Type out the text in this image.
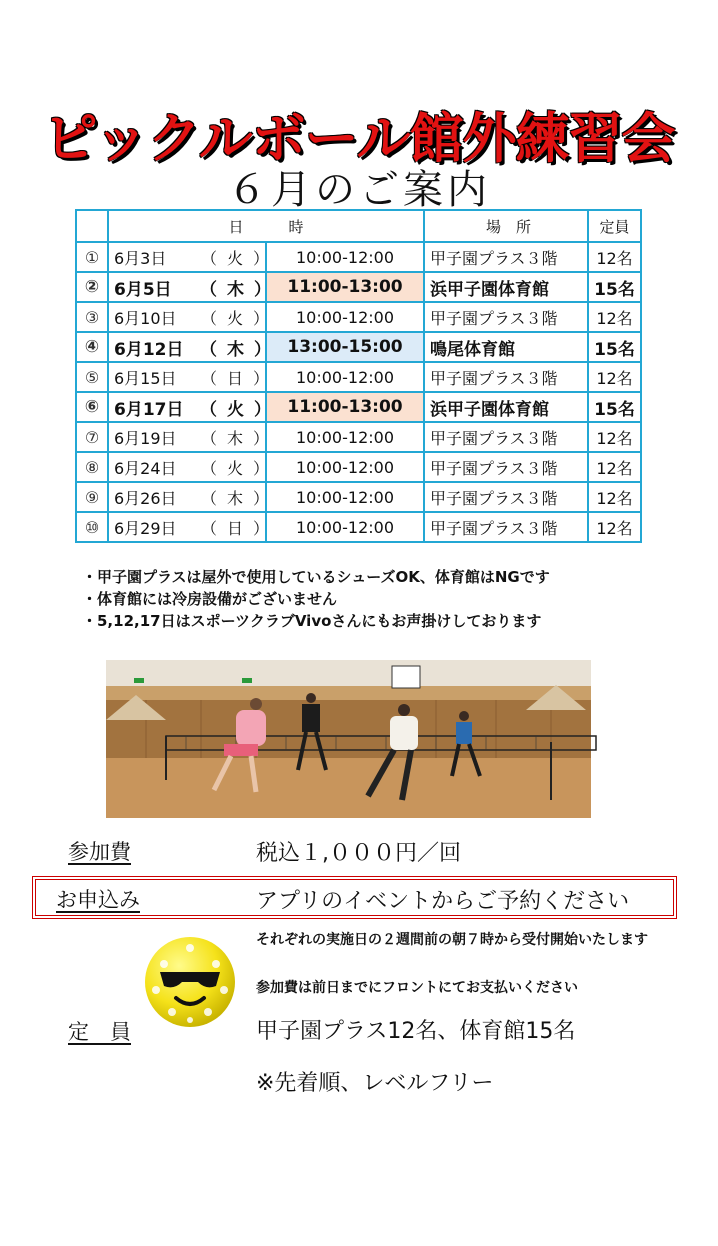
ピックルボール館外練習会
６月のご案内
	日　　　時		場　所	定員
①	6月3日 （火）	10:00-12:00	甲子園プラス３階	12名
②	6月5日 （木）	11:00-13:00	浜甲子園体育館	15名
③	6月10日 （火）	10:00-12:00	甲子園プラス３階	12名
④	6月12日 （木）	13:00-15:00	鳴尾体育館	15名
⑤	6月15日 （日）	10:00-12:00	甲子園プラス３階	12名
⑥	6月17日 （火）	11:00-13:00	浜甲子園体育館	15名
⑦	6月19日 （木）	10:00-12:00	甲子園プラス３階	12名
⑧	6月24日 （火）	10:00-12:00	甲子園プラス３階	12名
⑨	6月26日 （木）	10:00-12:00	甲子園プラス３階	12名
⑩	6月29日 （日）	10:00-12:00	甲子園プラス３階	12名
・甲子園プラスは屋外で使用しているシューズOK、体育館はNGです
・体育館には冷房設備がございません
・5,12,17日はスポーツクラブVivoさんにもお声掛けしております
参加費	税込１,０００円／回
お申込み	アプリのイベントからご予約ください
それぞれの実施日の２週間前の朝７時から受付開始いたします
参加費は前日までにフロントにてお支払いください
定　員	甲子園プラス12名、体育館15名
※先着順、レベルフリー
